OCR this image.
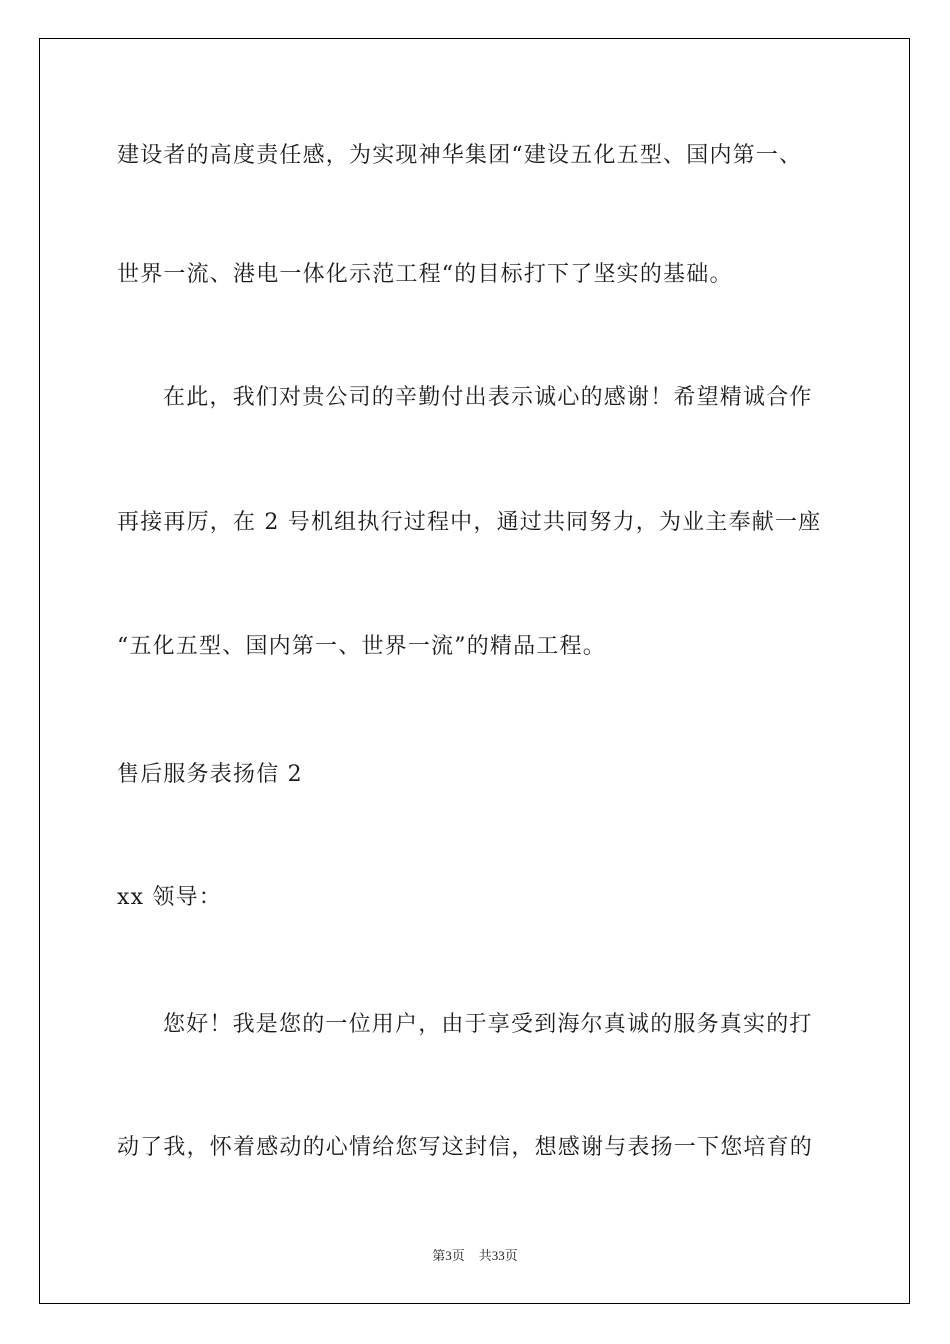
建设者的高度责任感，为实现神华集团“建设五化五型、国内第一、
世界一流、港电一体化示范工程“的目标打下了坚实的基础。
在此，我们对贵公司的辛勤付出表示诚心的感谢！希望精诚合作
再接再厉，在 2 号机组执行过程中，通过共同努力，为业主奉献一座
“五化五型、国内第一、世界一流”的精品工程。
售后服务表扬信 2
xx 领导：
您好！我是您的一位用户，由于享受到海尔真诚的服务真实的打
动了我，怀着感动的心情给您写这封信，想感谢与表扬一下您培育的
第3页 共33页
